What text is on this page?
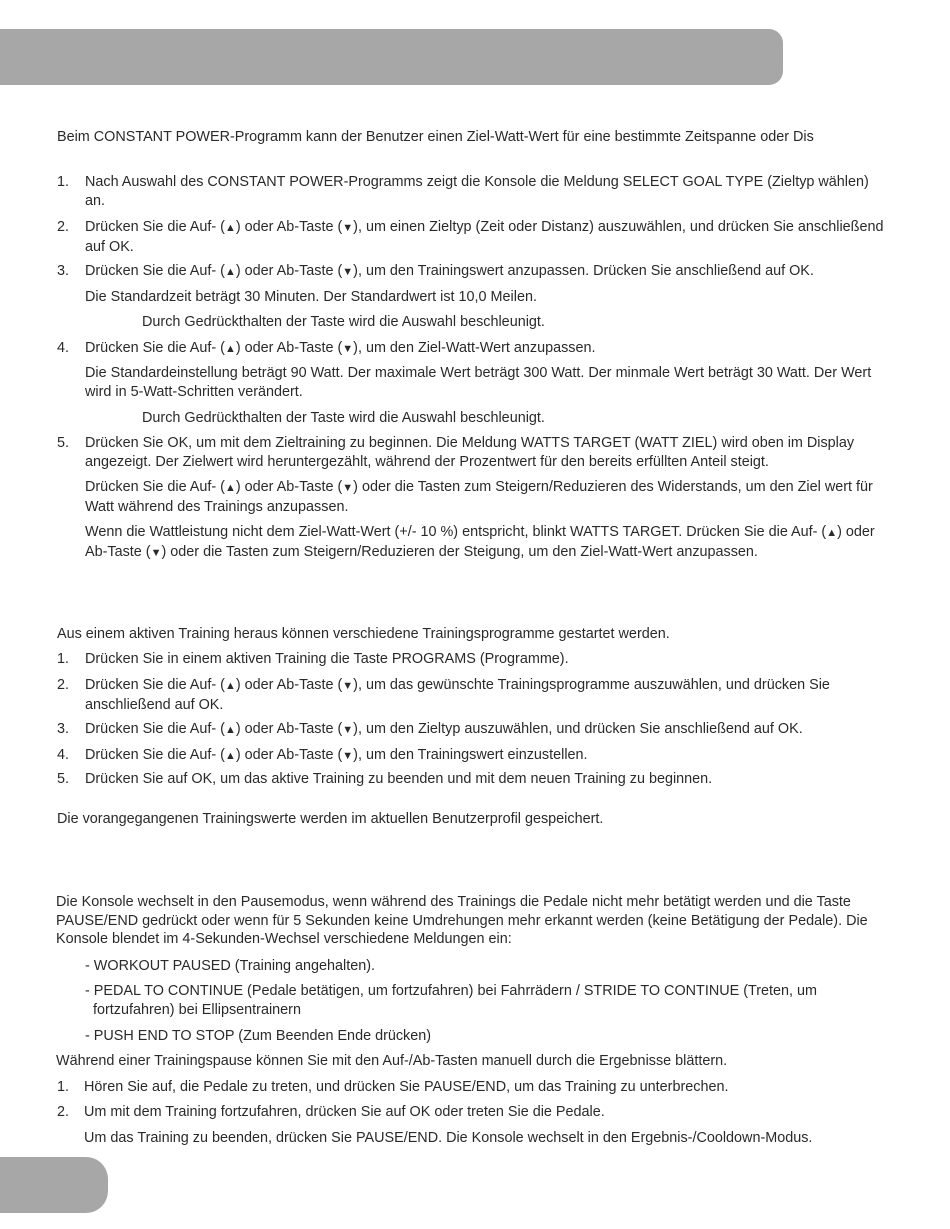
Beim CONSTANT POWER-Programm kann der Benutzer einen Ziel-Watt-Wert für eine bestimmte Zeitspanne oder Dis
1.	Nach Auswahl des CONSTANT POWER-Programms zeigt die Konsole die Meldung SELECT GOAL TYPE (Zieltyp wählen) an.
2.	Drücken Sie die Auf- (▲) oder Ab-Taste (▼), um einen Zieltyp (Zeit oder Distanz) auszuwählen, und drücken Sie anschließend auf OK.
3.	Drücken Sie die Auf- (▲) oder Ab-Taste (▼), um den Trainingswert anzupassen. Drücken Sie anschließend auf OK.
Die Standardzeit beträgt 30 Minuten. Der Standardwert ist 10,0 Meilen.
Durch Gedrückthalten der Taste wird die Auswahl beschleunigt.
4.	Drücken Sie die Auf- (▲) oder Ab-Taste (▼), um den Ziel-Watt-Wert anzupassen.
Die Standardeinstellung beträgt 90 Watt. Der maximale Wert beträgt 300 Watt. Der minmale Wert beträgt 30 Watt. Der Wert wird in 5-Watt-Schritten verändert.
Durch Gedrückthalten der Taste wird die Auswahl beschleunigt.
5.	Drücken Sie OK, um mit dem Zieltraining zu beginnen. Die Meldung WATTS TARGET (WATT ZIEL) wird oben im Display angezeigt. Der Zielwert wird heruntergezählt, während der Prozentwert für den bereits erfüllten Anteil steigt.
Drücken Sie die Auf- (▲) oder Ab-Taste (▼) oder die Tasten zum Steigern/Reduzieren des Widerstands, um den Ziel wert für Watt während des Trainings anzupassen.
Wenn die Wattleistung nicht dem Ziel-Watt-Wert (+/- 10 %) entspricht, blinkt WATTS TARGET. Drücken Sie die Auf- (▲) oder Ab-Taste (▼) oder die Tasten zum Steigern/Reduzieren der Steigung, um den Ziel-Watt-Wert anzupassen.
Aus einem aktiven Training heraus können verschiedene Trainingsprogramme gestartet werden.
1.	Drücken Sie in einem aktiven Training die Taste PROGRAMS (Programme).
2.	Drücken Sie die Auf- (▲) oder Ab-Taste (▼), um das gewünschte Trainingsprogramme auszuwählen, und drücken Sie anschließend auf OK.
3.	Drücken Sie die Auf- (▲) oder Ab-Taste (▼), um den Zieltyp auszuwählen, und drücken Sie anschließend auf OK.
4.	Drücken Sie die Auf- (▲) oder Ab-Taste (▼), um den Trainingswert einzustellen.
5.	Drücken Sie auf OK, um das aktive Training zu beenden und mit dem neuen Training zu beginnen.
Die vorangegangenen Trainingswerte werden im aktuellen Benutzerprofil gespeichert.
Die Konsole wechselt in den Pausemodus, wenn während des Trainings die Pedale nicht mehr betätigt werden und die Taste PAUSE/END gedrückt oder wenn für 5 Sekunden keine Umdrehungen mehr erkannt werden (keine Betätigung der Pedale). Die Konsole blendet im 4-Sekunden-Wechsel verschiedene Meldungen ein:
- WORKOUT PAUSED (Training angehalten).
- PEDAL TO CONTINUE (Pedale betätigen, um fortzufahren) bei Fahrrädern / STRIDE TO CONTINUE (Treten, um fortzufahren) bei Ellipsentrainern
- PUSH END TO STOP (Zum Beenden Ende drücken)
Während einer Trainingspause können Sie mit den Auf-/Ab-Tasten manuell durch die Ergebnisse blättern.
1.	Hören Sie auf, die Pedale zu treten, und drücken Sie PAUSE/END, um das Training zu unterbrechen.
2.	Um mit dem Training fortzufahren, drücken Sie auf OK oder treten Sie die Pedale.
Um das Training zu beenden, drücken Sie PAUSE/END. Die Konsole wechselt in den Ergebnis-/Cooldown-Modus.
